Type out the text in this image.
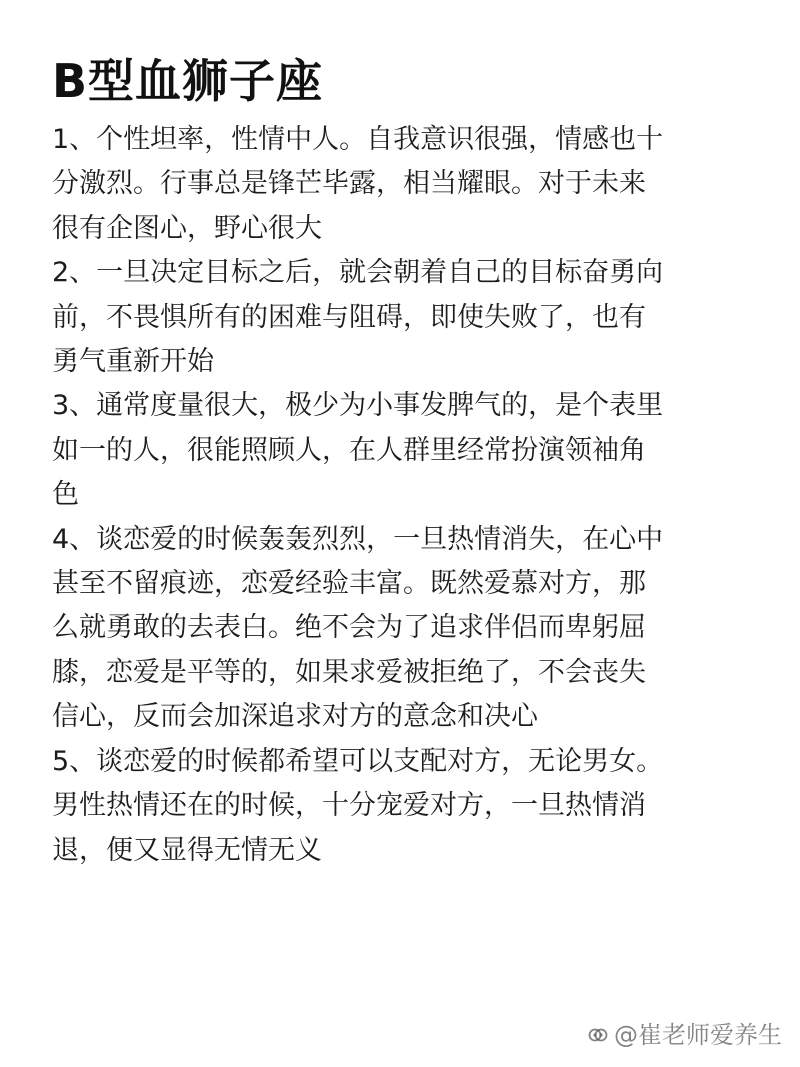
B型血狮子座
1、个性坦率，性情中人。自我意识很强，情感也十
分激烈。行事总是锋芒毕露，相当耀眼。对于未来
很有企图心，野心很大
2、一旦决定目标之后，就会朝着自己的目标奋勇向
前，不畏惧所有的困难与阻碍，即使失败了，也有
勇气重新开始
3、通常度量很大，极少为小事发脾气的，是个表里
如一的人，很能照顾人，在人群里经常扮演领袖角
色
4、谈恋爱的时候轰轰烈烈，一旦热情消失，在心中
甚至不留痕迹，恋爱经验丰富。既然爱慕对方，那
么就勇敢的去表白。绝不会为了追求伴侣而卑躬屈
膝，恋爱是平等的，如果求爱被拒绝了，不会丧失
信心，反而会加深追求对方的意念和决心
5、谈恋爱的时候都希望可以支配对方，无论男女。
男性热情还在的时候，十分宠爱对方，一旦热情消
退，便又显得无情无义
@崔老师爱养生
